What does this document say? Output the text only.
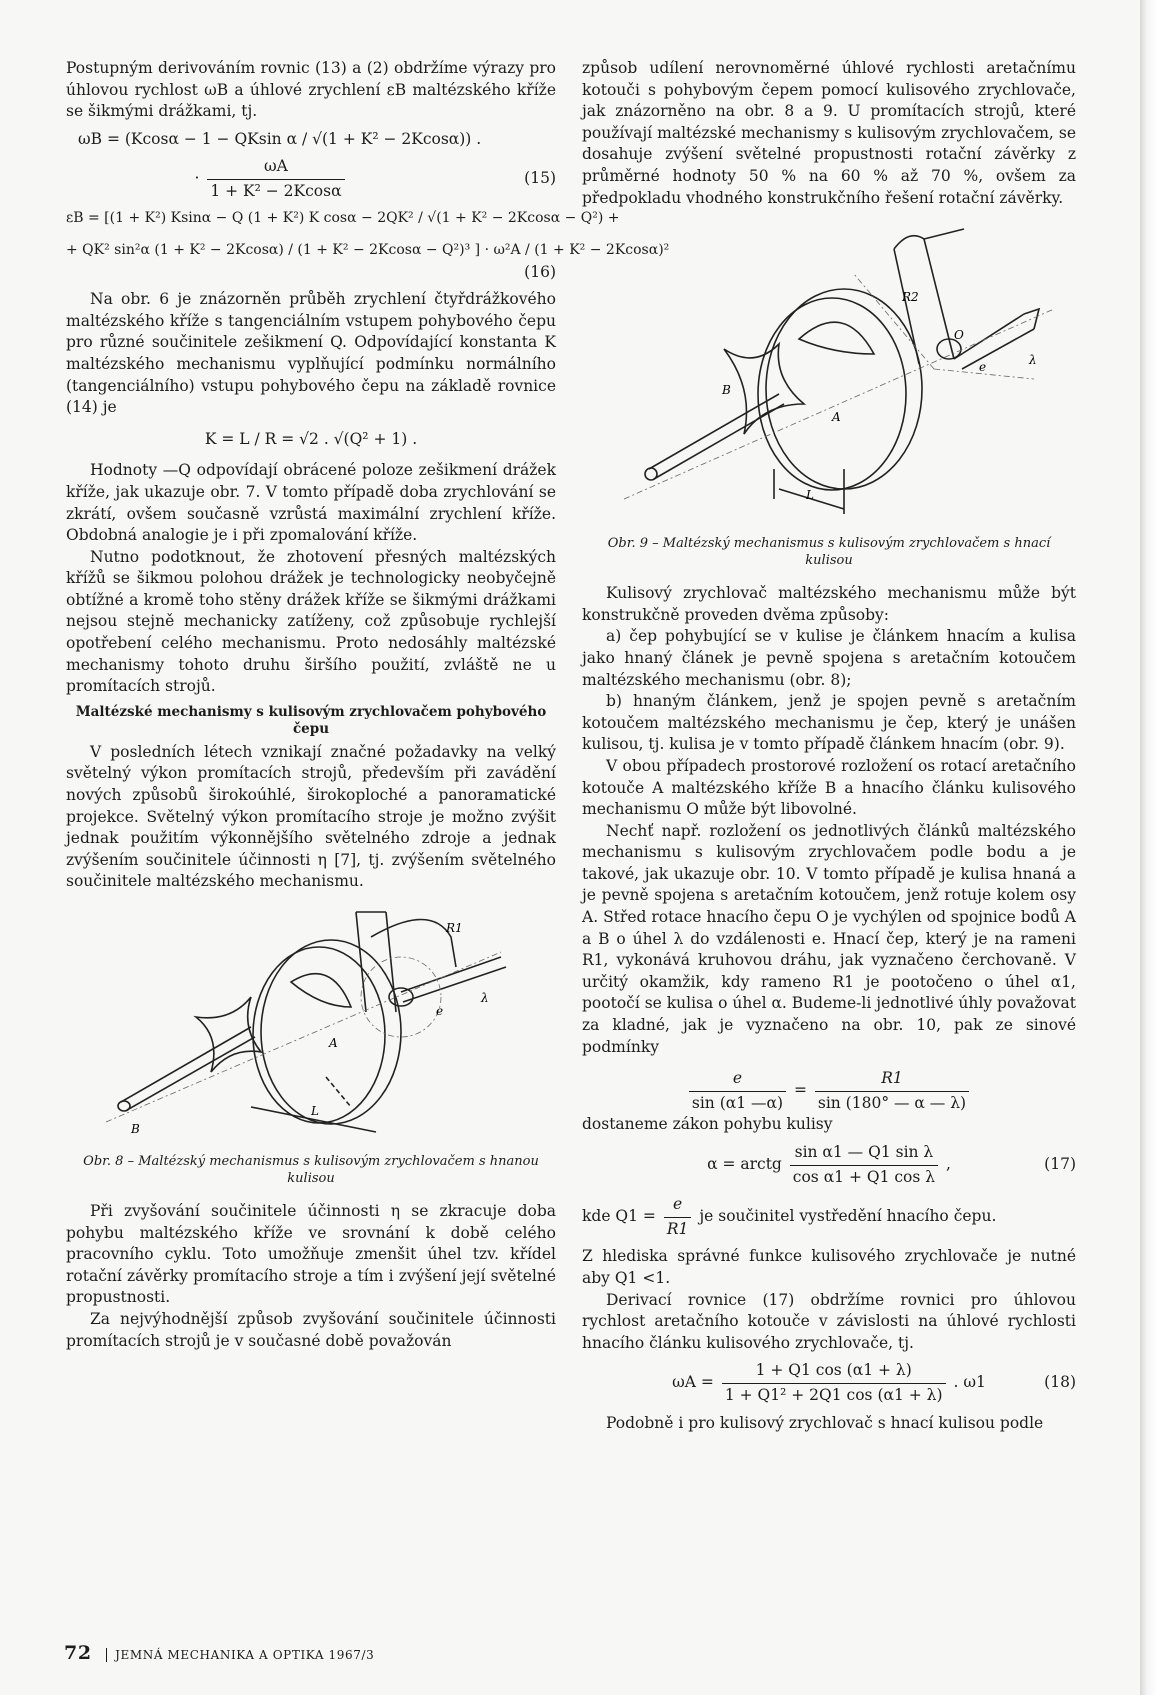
Postupným derivováním rovnic (13) a (2) obdržíme výrazy pro úhlovou rychlost ωB a úhlové zrychlení εB maltézského kříže se šikmými drážkami, tj.

ωB = (Kcosα − 1 − QKsin α / √(1 + K² − 2Kcosα)) .
· $\frac{\omega A}{\text{1 + K² − 2Kcosα}}$	(15)
εB = [(1 + K²) Ksinα − Q (1 + K²) K cosα − 2QK² / √(1 + K² − 2Kcosα − Q²) +
+ QK² sin²α (1 + K² − 2Kcosα) / (1 + K² − 2Kcosα − Q²)³ ] · ω²A / (1 + K² − 2Kcosα)²
(16)

Na obr. 6 je znázorněn průběh zrychlení čtyřdrážkového maltézského kříže s tangenciálním vstupem pohybového čepu pro různé součinitele zešikmení Q. Odpovídající konstanta K maltézského mechanismu vyplňující podmínku normálního (tangenciálního) vstupu pohybového čepu na základě rovnice (14) je

K = L / R = √2 . √(Q² + 1) .

Hodnoty —Q odpovídají obrácené poloze zešikmení drážek kříže, jak ukazuje obr. 7. V tomto případě doba zrychlování se zkrátí, ovšem současně vzrůstá maximální zrychlení kříže. Obdobná analogie je i při zpomalování kříže.

Nutno podotknout, že zhotovení přesných maltézských křížů se šikmou polohou drážek je technologicky neobyčejně obtížné a kromě toho stěny drážek kříže se šikmými drážkami nejsou stejně mechanicky zatíženy, což způsobuje rychlejší opotřebení celého mechanismu. Proto nedosáhly maltézské mechanismy tohoto druhu širšího použití, zvláště ne u promítacích strojů.

Maltézské mechanismy s kulisovým zrychlovačem pohybového čepu

V posledních létech vznikají značné požadavky na velký světelný výkon promítacích strojů, především při zavádění nových způsobů širokoúhlé, širokoploché a panoramatické projekce. Světelný výkon promítacího stroje je možno zvýšit jednak použitím výkonnějšího světelného zdroje a jednak zvýšením součinitele účinnosti η [7], tj. zvýšením světelného součinitele maltézského mechanismu.

B
A
R1
e
λ
L
Obr. 8 – Maltézský mechanismus s kulisovým zrychlovačem s hnanou kulisou

Při zvyšování součinitele účinnosti η se zkracuje doba pohybu maltézského kříže ve srovnání k době celého pracovního cyklu. Toto umožňuje zmenšit úhel tzv. křídel rotační závěrky promítacího stroje a tím i zvýšení její světelné propustnosti.

Za nejvýhodnější způsob zvyšování součinitele účinnosti promítacích strojů je v současné době považován

způsob udílení nerovnoměrné úhlové rychlosti aretačnímu kotouči s pohybovým čepem pomocí kulisového zrychlovače, jak znázorněno na obr. 8 a 9. U promítacích strojů, které používají maltézské mechanismy s kulisovým zrychlovačem, se dosahuje zvýšení světelné propustnosti rotační závěrky z průměrné hodnoty 50 % na 60 % až 70 %, ovšem za předpokladu vhodného konstrukčního řešení rotační závěrky.

B
A
R2
O
e	λ
L
Obr. 9 – Maltézský mechanismus s kulisovým zrychlovačem s hnací kulisou

Kulisový zrychlovač maltézského mechanismu může být konstrukčně proveden dvěma způsoby:

a) čep pohybující se v kulise je článkem hnacím a kulisa jako hnaný článek je pevně spojena s aretačním kotoučem maltézského mechanismu (obr. 8);

b) hnaným článkem, jenž je spojen pevně s aretačním kotoučem maltézského mechanismu je čep, který je unášen kulisou, tj. kulisa je v tomto případě článkem hnacím (obr. 9).

V obou případech prostorové rozložení os rotací aretačního kotouče A maltézského kříže B a hnacího článku kulisového mechanismu O může být libovolné.

Nechť např. rozložení os jednotlivých článků maltézského mechanismu s kulisovým zrychlovačem podle bodu a je takové, jak ukazuje obr. 10. V tomto případě je kulisa hnaná a je pevně spojena s aretačním kotoučem, jenž rotuje kolem osy A. Střed rotace hnacího čepu O je vychýlen od spojnice bodů A a B o úhel λ do vzdálenosti e. Hnací čep, který je na rameni R1, vykonává kruhovou dráhu, jak vyznačeno čerchovaně. V určitý okamžik, kdy rameno R1 je pootočeno o úhel α1, pootočí se kulisa o úhel α. Budeme-li jednotlivé úhly považovat za kladné, jak je vyznačeno na obr. 10, pak ze sinové podmínky

$\frac{e}{\sin (\alpha 1 —\alpha)} = \frac{R1}{\sin (180^\circ — \alpha — \lambda)}$

dostaneme zákon pohybu kulisy

α = arctg $\frac{\text{sin α1 — Q1 sin λ}}{\text{cos α1 + Q1 cos λ}}$ ,	(17)

kde $Q1 = \frac{e}{R1}$ je součinitel vystředění hnacího čepu.

Z hlediska správné funkce kulisového zrychlovače je nutné aby Q1 <1.

Derivací rovnice (17) obdržíme rovnici pro úhlovou rychlost aretačního kotouče v závislosti na úhlové rychlosti hnacího článku kulisového zrychlovače, tj.

$\omega A = \frac{1 + Q1 \cos (\alpha 1 + \lambda)}{\text{1 + Q1² + 2Q1 cos (α1 + λ)}}$ . ω1	(18)

Podobně i pro kulisový zrychlovač s hnací kulisou podle

72 JEMNÁ MECHANIKA A OPTIKA 1967/3
